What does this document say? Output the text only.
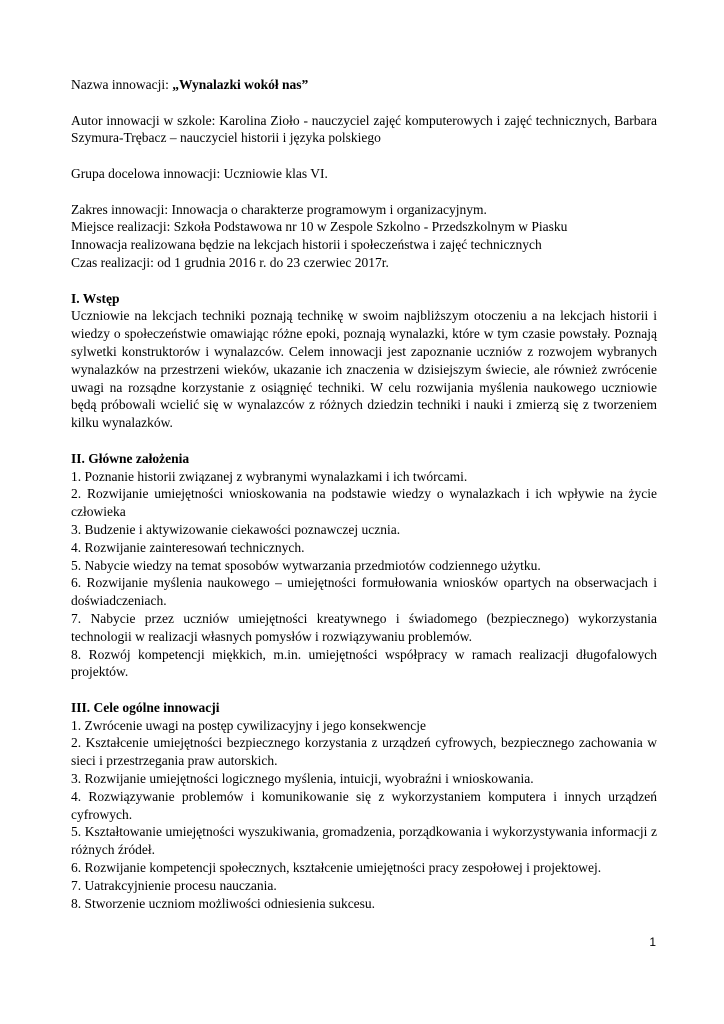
Nazwa innowacji: „Wynalazki wokół nas”

Autor innowacji w szkole: Karolina Zioło - nauczyciel zajęć komputerowych i zajęć technicznych, Barbara Szymura-Trębacz – nauczyciel historii i języka polskiego

Grupa docelowa innowacji: Uczniowie klas VI.

Zakres innowacji: Innowacja o charakterze programowym i organizacyjnym.

Miejsce realizacji: Szkoła Podstawowa nr 10 w Zespole Szkolno - Przedszkolnym w Piasku

Innowacja realizowana będzie na lekcjach historii i społeczeństwa i zajęć technicznych

Czas realizacji: od 1 grudnia 2016 r. do 23 czerwiec 2017r.

I. Wstęp

Uczniowie na lekcjach techniki poznają technikę w swoim najbliższym otoczeniu a na lekcjach historii i wiedzy o społeczeństwie omawiając różne epoki, poznają wynalazki, które w tym czasie powstały. Poznają sylwetki konstruktorów i wynalazców. Celem innowacji jest zapoznanie uczniów z rozwojem wybranych wynalazków na przestrzeni wieków, ukazanie ich znaczenia w dzisiejszym świecie, ale również zwrócenie uwagi na rozsądne korzystanie z osiągnięć techniki. W celu rozwijania myślenia naukowego uczniowie będą próbowali wcielić się w wynalazców z różnych dziedzin techniki i nauki i zmierzą się z tworzeniem kilku wynalazków.

II. Główne założenia

1. Poznanie historii związanej z wybranymi wynalazkami i ich twórcami.

2. Rozwijanie umiejętności wnioskowania na podstawie wiedzy o wynalazkach i ich wpływie na życie człowieka

3. Budzenie i aktywizowanie ciekawości poznawczej ucznia.

4. Rozwijanie zainteresowań technicznych.

5. Nabycie wiedzy na temat sposobów wytwarzania przedmiotów codziennego użytku.

6. Rozwijanie myślenia naukowego – umiejętności formułowania wniosków opartych na obserwacjach i doświadczeniach.

7. Nabycie przez uczniów umiejętności kreatywnego i świadomego (bezpiecznego) wykorzystania technologii w realizacji własnych pomysłów i rozwiązywaniu problemów.

8. Rozwój kompetencji miękkich, m.in. umiejętności współpracy w ramach realizacji długofalowych projektów.

III. Cele ogólne innowacji

1. Zwrócenie uwagi na postęp cywilizacyjny i jego konsekwencje

2. Kształcenie umiejętności bezpiecznego korzystania z urządzeń cyfrowych, bezpiecznego zachowania w sieci i przestrzegania praw autorskich.

3. Rozwijanie umiejętności logicznego myślenia, intuicji, wyobraźni i wnioskowania.

4. Rozwiązywanie problemów i komunikowanie się z wykorzystaniem komputera i innych urządzeń cyfrowych.

5. Kształtowanie umiejętności wyszukiwania, gromadzenia, porządkowania i wykorzystywania informacji z różnych źródeł.

6. Rozwijanie kompetencji społecznych, kształcenie umiejętności pracy zespołowej i projektowej.

7. Uatrakcyjnienie procesu nauczania.

8. Stworzenie uczniom możliwości odniesienia sukcesu.

1
